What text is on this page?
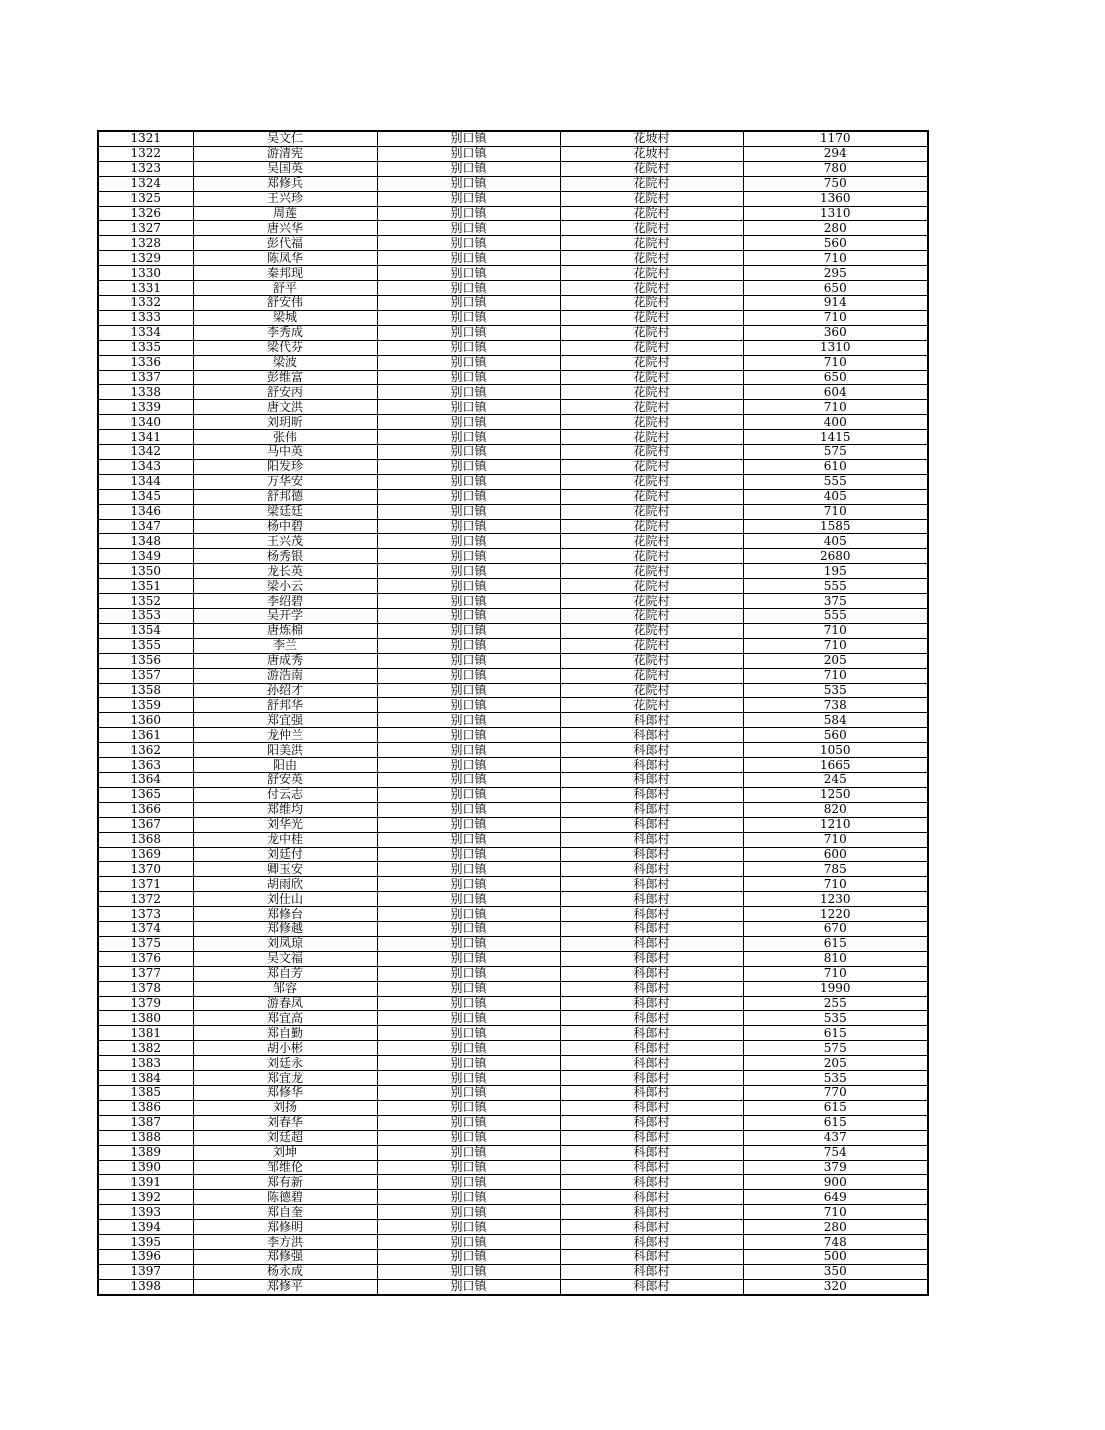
1321	吴文仁	别口镇	花坡村	1170
1322	游清宪	别口镇	花坡村	294
1323	吴国英	别口镇	花院村	780
1324	郑修兵	别口镇	花院村	750
1325	王兴珍	别口镇	花院村	1360
1326	周莲	别口镇	花院村	1310
1327	唐兴华	别口镇	花院村	280
1328	彭代福	别口镇	花院村	560
1329	陈凤华	别口镇	花院村	710
1330	秦邦现	别口镇	花院村	295
1331	舒平	别口镇	花院村	650
1332	舒安伟	别口镇	花院村	914
1333	梁城	别口镇	花院村	710
1334	李秀成	别口镇	花院村	360
1335	梁代芬	别口镇	花院村	1310
1336	梁波	别口镇	花院村	710
1337	彭维富	别口镇	花院村	650
1338	舒安丙	别口镇	花院村	604
1339	唐文洪	别口镇	花院村	710
1340	刘玥昕	别口镇	花院村	400
1341	张伟	别口镇	花院村	1415
1342	马中英	别口镇	花院村	575
1343	阳发珍	别口镇	花院村	610
1344	万华安	别口镇	花院村	555
1345	舒邦德	别口镇	花院村	405
1346	梁廷廷	别口镇	花院村	710
1347	杨中碧	别口镇	花院村	1585
1348	王兴茂	别口镇	花院村	405
1349	杨秀银	别口镇	花院村	2680
1350	龙长英	别口镇	花院村	195
1351	梁小云	别口镇	花院村	555
1352	李绍碧	别口镇	花院村	375
1353	吴开学	别口镇	花院村	555
1354	唐炼棉	别口镇	花院村	710
1355	李兰	别口镇	花院村	710
1356	唐成秀	别口镇	花院村	205
1357	游浩南	别口镇	花院村	710
1358	孙绍才	别口镇	花院村	535
1359	舒邦华	别口镇	花院村	738
1360	郑宜强	别口镇	科郎村	584
1361	龙仲兰	别口镇	科郎村	560
1362	阳美洪	别口镇	科郎村	1050
1363	阳由	别口镇	科郎村	1665
1364	舒安英	别口镇	科郎村	245
1365	付云志	别口镇	科郎村	1250
1366	郑维均	别口镇	科郎村	820
1367	刘华光	别口镇	科郎村	1210
1368	龙中桂	别口镇	科郎村	710
1369	刘廷付	别口镇	科郎村	600
1370	卿玉安	别口镇	科郎村	785
1371	胡雨欣	别口镇	科郎村	710
1372	刘仕山	别口镇	科郎村	1230
1373	郑修台	别口镇	科郎村	1220
1374	郑修越	别口镇	科郎村	670
1375	刘凤琼	别口镇	科郎村	615
1376	吴文福	别口镇	科郎村	810
1377	郑自芳	别口镇	科郎村	710
1378	邹容	别口镇	科郎村	1990
1379	游春凤	别口镇	科郎村	255
1380	郑宜高	别口镇	科郎村	535
1381	郑自勤	别口镇	科郎村	615
1382	胡小彬	别口镇	科郎村	575
1383	刘廷永	别口镇	科郎村	205
1384	郑宜龙	别口镇	科郎村	535
1385	郑修华	别口镇	科郎村	770
1386	刘扬	别口镇	科郎村	615
1387	刘春华	别口镇	科郎村	615
1388	刘廷超	别口镇	科郎村	437
1389	刘坤	别口镇	科郎村	754
1390	邹维伦	别口镇	科郎村	379
1391	郑有新	别口镇	科郎村	900
1392	陈德碧	别口镇	科郎村	649
1393	郑自奎	别口镇	科郎村	710
1394	郑修明	别口镇	科郎村	280
1395	李方洪	别口镇	科郎村	748
1396	郑修强	别口镇	科郎村	500
1397	杨永成	别口镇	科郎村	350
1398	郑修平	别口镇	科郎村	320
